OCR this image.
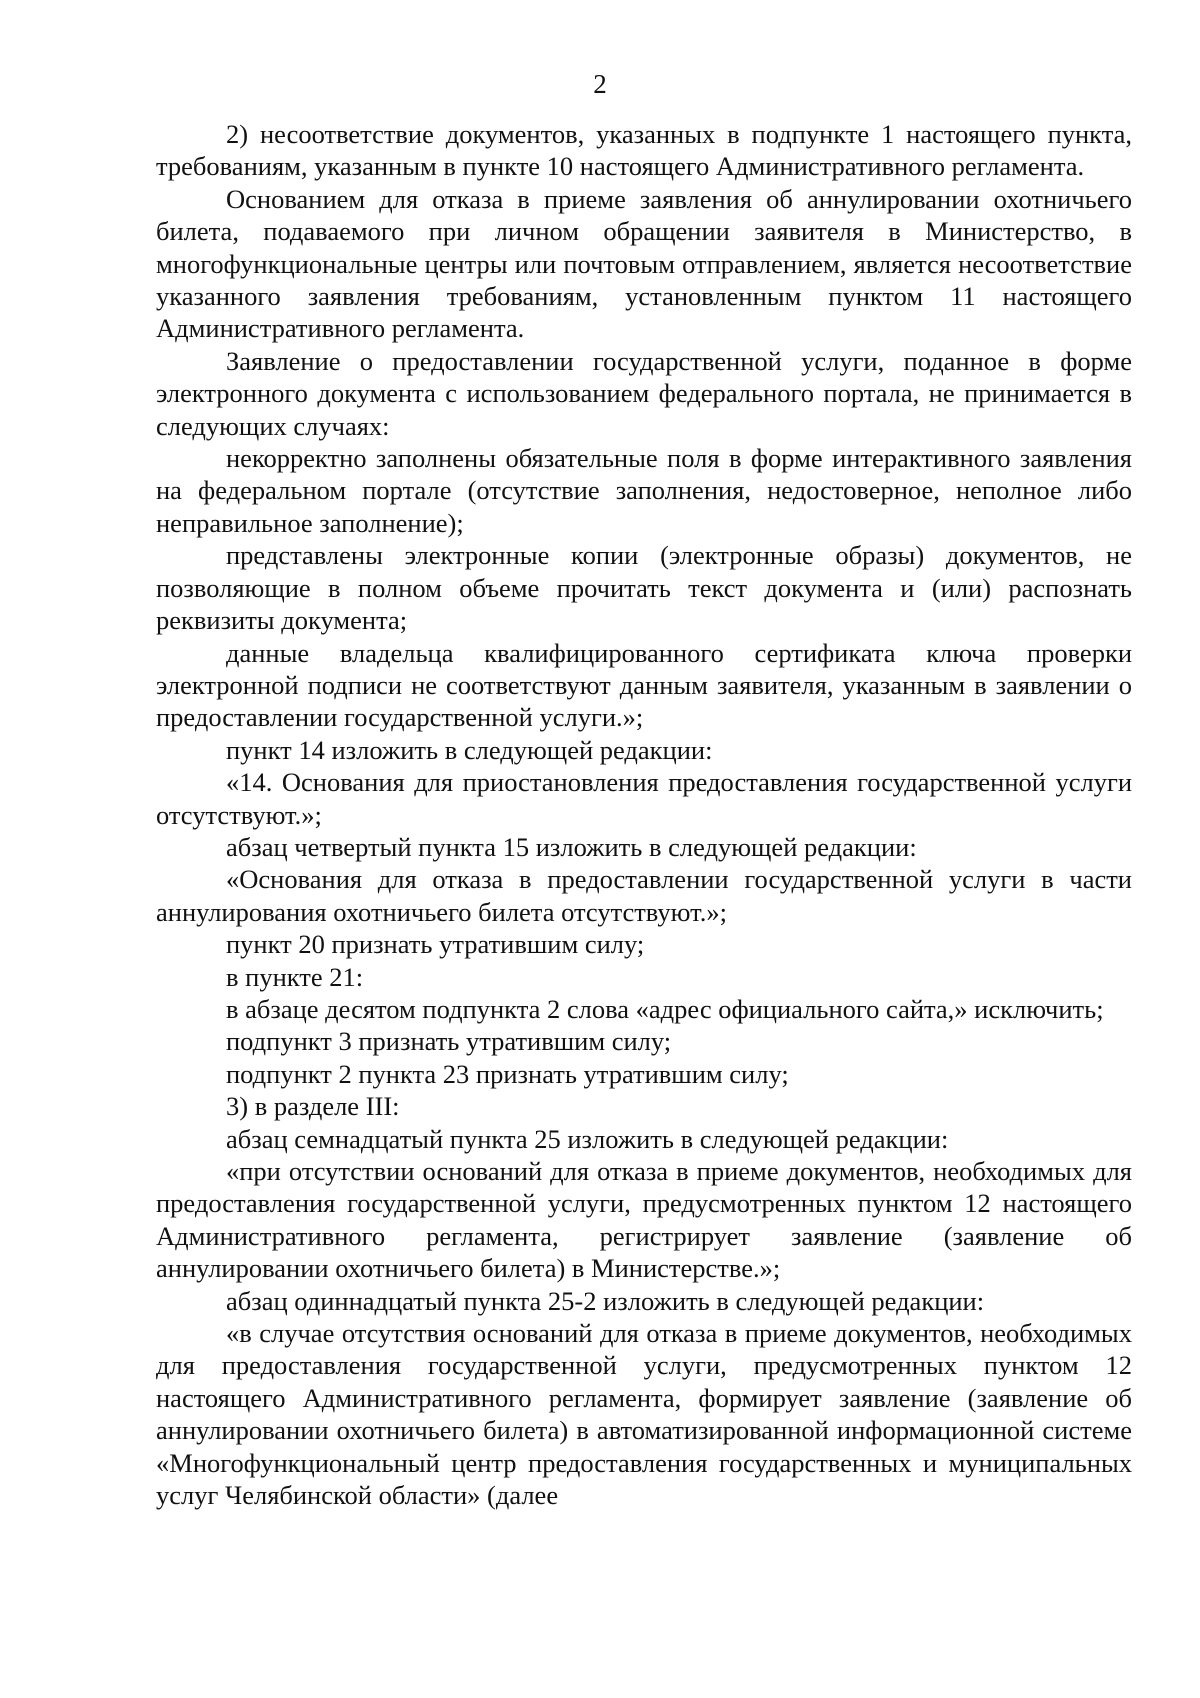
2

2) несоответствие документов, указанных в подпункте 1 настоящего пункта, требованиям, указанным в пункте 10 настоящего Административного регламента.

Основанием для отказа в приеме заявления об аннулировании охотничьего билета, подаваемого при личном обращении заявителя в Министерство, в многофункциональные центры или почтовым отправлением, является несоответствие указанного заявления требованиям, установленным пунктом 11 настоящего Административного регламента.

Заявление о предоставлении государственной услуги, поданное в форме электронного документа с использованием федерального портала, не принимается в следующих случаях:

некорректно заполнены обязательные поля в форме интерактивного заявления на федеральном портале (отсутствие заполнения, недостоверное, неполное либо неправильное заполнение);

представлены электронные копии (электронные образы) документов, не позволяющие в полном объеме прочитать текст документа и (или) распознать реквизиты документа;

данные владельца квалифицированного сертификата ключа проверки электронной подписи не соответствуют данным заявителя, указанным в заявлении о предоставлении государственной услуги.»;

пункт 14 изложить в следующей редакции:

«14. Основания для приостановления предоставления государственной услуги отсутствуют.»;

абзац четвертый пункта 15 изложить в следующей редакции:

«Основания для отказа в предоставлении государственной услуги в части аннулирования охотничьего билета отсутствуют.»;

пункт 20 признать утратившим силу;

в пункте 21:

в абзаце десятом подпункта 2 слова «адрес официального сайта,» исключить;

подпункт 3 признать утратившим силу;

подпункт 2 пункта 23 признать утратившим силу;

3) в разделе III:

абзац семнадцатый пункта 25 изложить в следующей редакции:

«при отсутствии оснований для отказа в приеме документов, необходимых для предоставления государственной услуги, предусмотренных пунктом 12 настоящего Административного регламента, регистрирует заявление (заявление об аннулировании охотничьего билета) в Министерстве.»;

абзац одиннадцатый пункта 25-2 изложить в следующей редакции:

«в случае отсутствия оснований для отказа в приеме документов, необходимых для предоставления государственной услуги, предусмотренных пунктом 12 настоящего Административного регламента, формирует заявление (заявление об аннулировании охотничьего билета) в автоматизированной информационной системе «Многофункциональный центр предоставления государственных и муниципальных услуг Челябинской области» (далее
